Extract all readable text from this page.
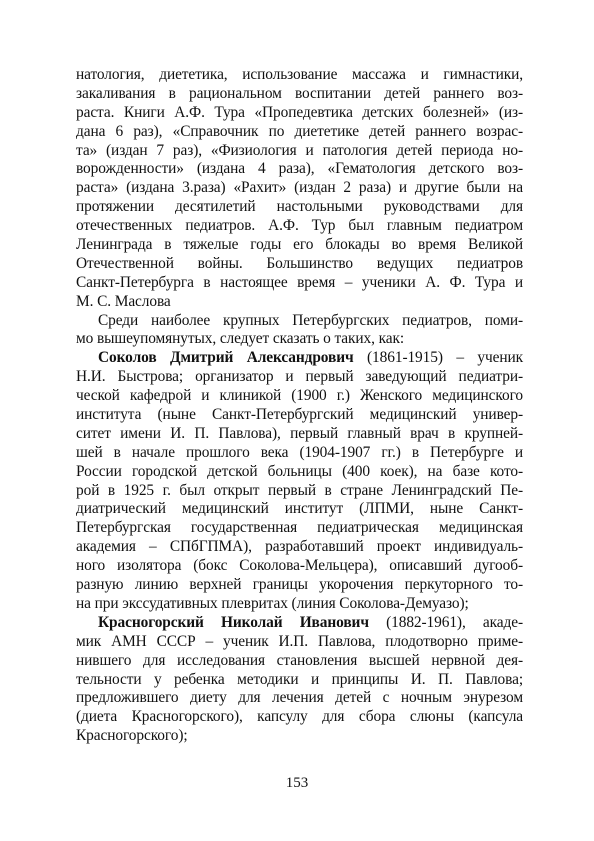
натология, диететика, использование массажа и гимнастики,
закаливания в рациональном воспитании детей раннего воз-
раста. Книги А.Ф. Тура «Пропедевтика детских болезней» (из-
дана 6 раз), «Справочник по диететике детей раннего возрас-
та» (издан 7 раз), «Физиология и патология детей периода но-
ворожденности» (издана 4 раза), «Гематология детского воз-
раста» (издана 3.раза) «Рахит» (издан 2 раза) и другие были на
протяжении десятилетий настольными руководствами для
отечественных педиатров. А.Ф. Тур был главным педиатром
Ленинграда в тяжелые годы его блокады во время Великой
Отечественной войны. Большинство ведущих педиатров
Санкт-Петербурга в настоящее время – ученики А. Ф. Тура и
М. С. Маслова
Среди наиболее крупных Петербургских педиатров, поми-
мо вышеупомянутых, следует сказать о таких, как:
Соколов Дмитрий Александрович (1861-1915) – ученик
Н.И. Быстрова; организатор и первый заведующий педиатри-
ческой кафедрой и клиникой (1900 г.) Женского медицинского
института (ныне Санкт-Петербургский медицинский универ-
ситет имени И. П. Павлова), первый главный врач в крупней-
шей в начале прошлого века (1904-1907 гг.) в Петербурге и
России городской детской больницы (400 коек), на базе кото-
рой в 1925 г. был открыт первый в стране Ленинградский Пе-
диатрический медицинский институт (ЛПМИ, ныне Санкт-
Петербургская государственная педиатрическая медицинская
академия – СПбГПМА), разработавший проект индивидуаль-
ного изолятора (бокс Соколова-Мельцера), описавший дугооб-
разную линию верхней границы укорочения перкуторного то-
на при экссудативных плевритах (линия Соколова-Демуазо);
Красногорский Николай Иванович (1882-1961), акаде-
мик АМН СССР – ученик И.П. Павлова, плодотворно приме-
нившего для исследования становления высшей нервной дея-
тельности у ребенка методики и принципы И. П. Павлова;
предложившего диету для лечения детей с ночным энурезом
(диета Красногорского), капсулу для сбора слюны (капсула
Красногорского);
153
